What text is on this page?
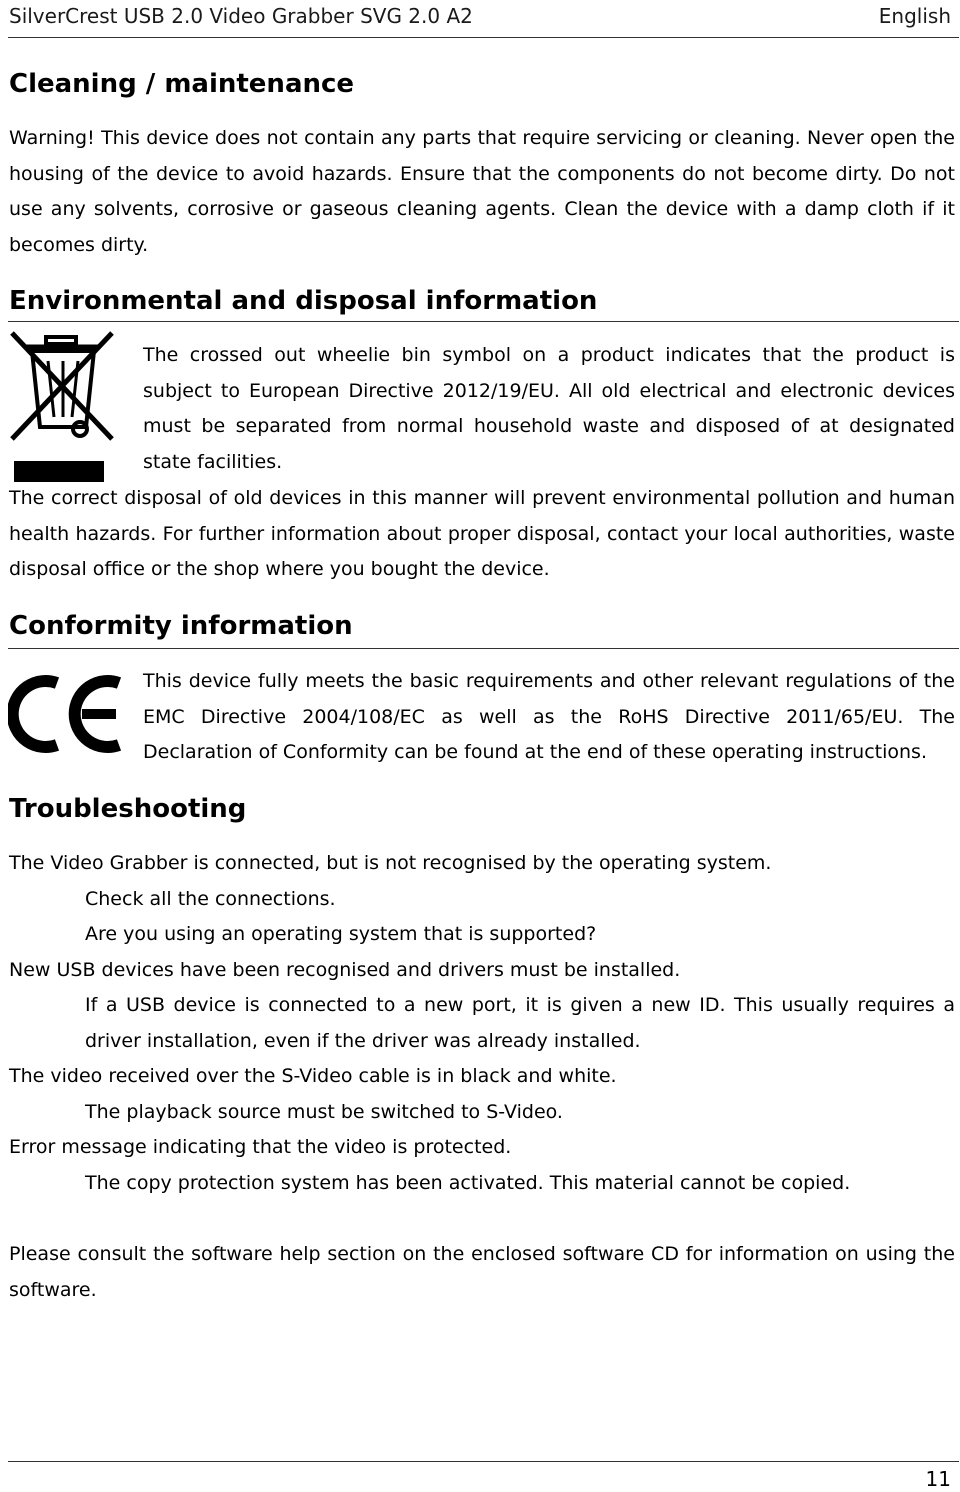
SilverCrest USB 2.0 Video Grabber SVG 2.0 A2	English
Cleaning / maintenance
Warning! This device does not contain any parts that require servicing or cleaning. Never open the housing of the device to avoid hazards. Ensure that the components do not become dirty. Do not use any solvents, corrosive or gaseous cleaning agents. Clean the device with a damp cloth if it becomes dirty.
Environmental and disposal information
The crossed out wheelie bin symbol on a product indicates that the product is subject to European Directive 2012/19/EU. All old electrical and electronic devices must be separated from normal household waste and disposed of at designated state facilities.
The correct disposal of old devices in this manner will prevent environmental pollution and human health hazards. For further information about proper disposal, contact your local authorities, waste disposal office or the shop where you bought the device.
Conformity information
This device fully meets the basic requirements and other relevant regulations of the EMC Directive 2004/108/EC as well as the RoHS Directive 2011/65/EU. The Declaration of Conformity can be found at the end of these operating instructions.
Troubleshooting
The Video Grabber is connected, but is not recognised by the operating system.
Check all the connections.
Are you using an operating system that is supported?
New USB devices have been recognised and drivers must be installed.
If a USB device is connected to a new port, it is given a new ID. This usually requires a driver installation, even if the driver was already installed.
The video received over the S-Video cable is in black and white.
The playback source must be switched to S-Video.
Error message indicating that the video is protected.
The copy protection system has been activated. This material cannot be copied.
Please consult the software help section on the enclosed software CD for information on using the software.
11
